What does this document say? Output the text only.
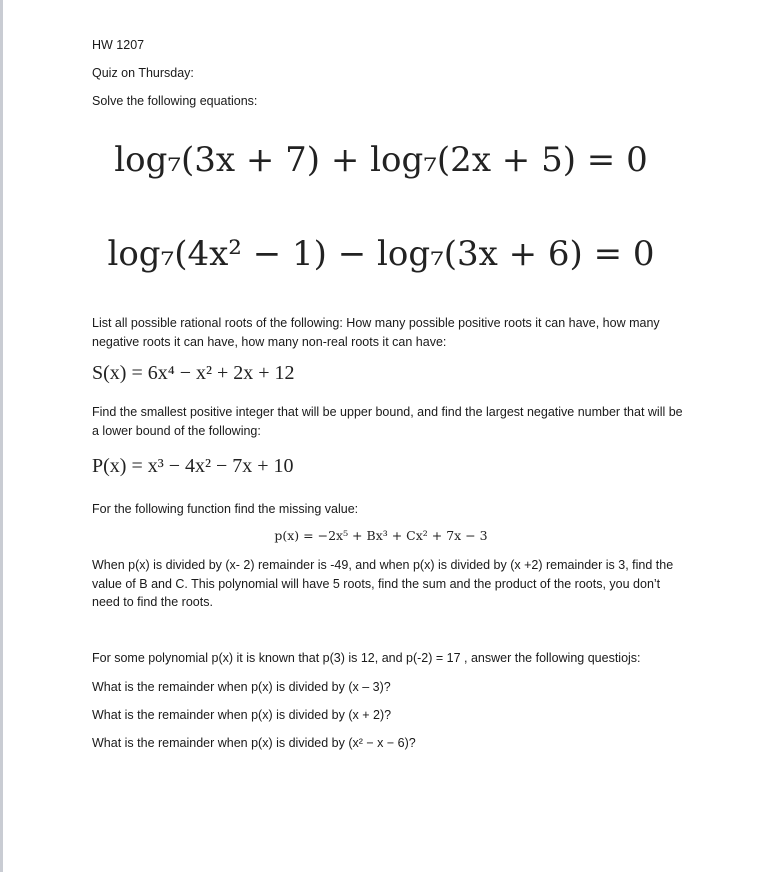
HW 1207

Quiz on Thursday:

Solve the following equations:

log₇(3x + 7) + log₇(2x + 5) = 0

log₇(4x² − 1) − log₇(3x + 6) = 0

List all possible rational roots of the following: How many possible positive roots it can have, how many negative roots it can have, how many non-real roots it can have:

S(x) = 6x⁴ − x² + 2x + 12

Find the smallest positive integer that will be upper bound, and find the largest negative number that will be a lower bound of the following:

P(x) = x³ − 4x² − 7x + 10

For the following function find the missing value:

p(x) = −2x⁵ + Bx³ + Cx² + 7x − 3

When p(x) is divided by (x- 2) remainder is -49, and when p(x) is divided by (x +2) remainder is 3, find the value of B and C. This polynomial will have 5 roots, find the sum and the product of the roots, you don’t need to find the roots.

For some polynomial p(x) it is known that p(3) is 12, and p(-2) = 17 , answer the following questiojs:

What is the remainder when p(x) is divided by (x – 3)?

What is the remainder when p(x) is divided by (x + 2)?

What is the remainder when p(x) is divided by (x² − x − 6)?
